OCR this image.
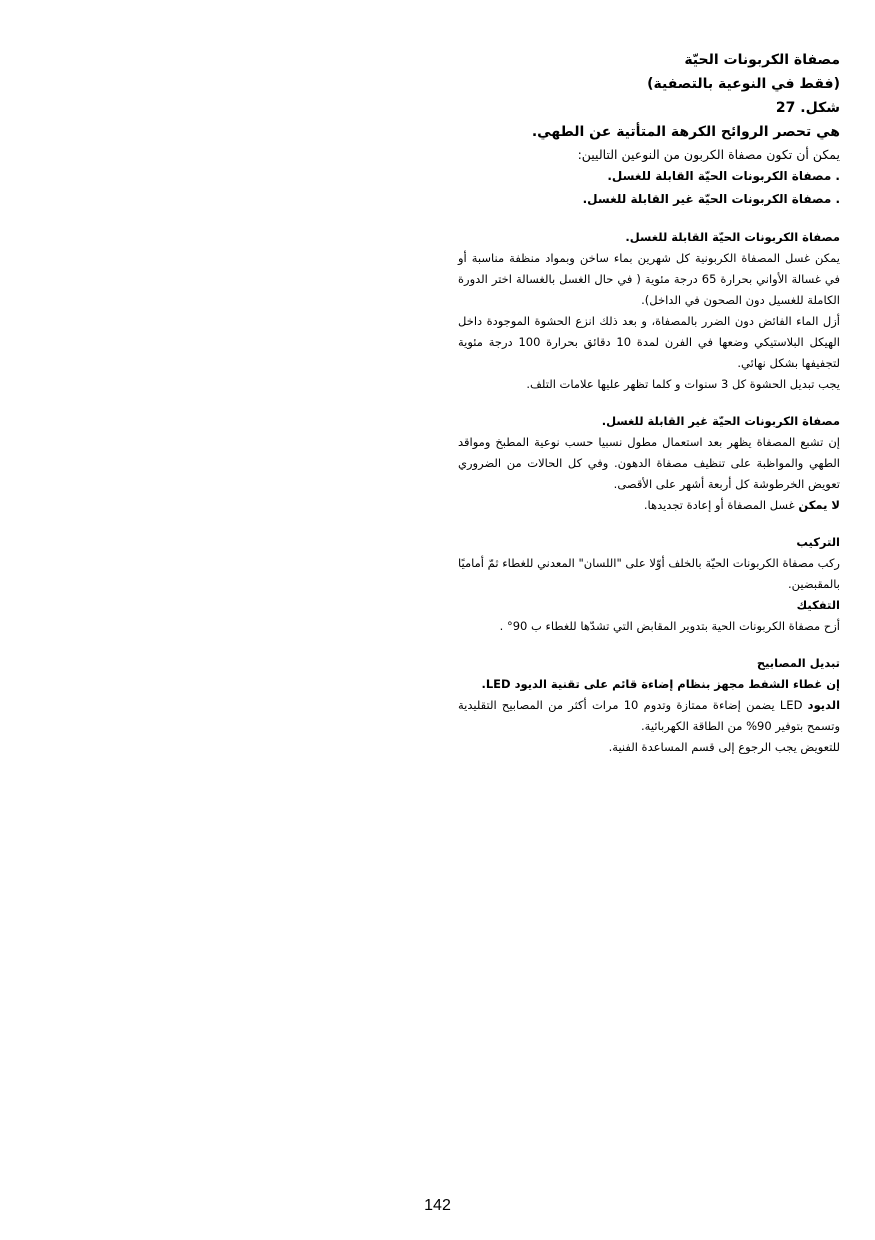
مصفاة الكربونات الحيّة
(فقط في النوعية بالتصفية)
شكل. 27
هي تحصر الروائح الكرهة المتأتية عن الطهي.
يمكن أن تكون مصفاة الكربون من النوعين التاليين:
. مصفاة الكربونات الحيّة القابلة للغسل.
. مصفاة الكربونات الحيّة غير القابلة للغسل.
مصفاة الكربونات الحيّة القابلة للغسل.
يمكن غسل المصفاة الكربونية كل شهرين بماء ساخن وبمواد منظفة مناسبة أو في غسالة الأواني بحرارة 65 درجة مئوية ( في حال الغسل بالغسالة اختر الدورة الكاملة للغسيل دون الصحون في الداخل).
أزل الماء الفائض دون الضرر بالمصفاة، و بعد ذلك انزع الحشوة الموجودة داخل الهيكل البلاستيكي وضعها في الفرن لمدة 10 دقائق بحرارة 100 درجة مئوية لتجفيفها بشكل نهائي.
يجب تبديل الحشوة كل 3 سنوات و كلما تظهر عليها علامات التلف.
مصفاة الكربونات الحيّة غير القابلة للغسل.
إن تشبع المصفاة يظهر بعد استعمال مطول نسبيا حسب نوعية المطبخ ومواقد الطهي والمواظبة على تنظيف مصفاة الدهون. وفي كل الحالات من الضروري تعويض الخرطوشة كل أربعة أشهر على الأقصى.
لا يمكن غسل المصفاة أو إعادة تجديدها.
التركيب
ركب مصفاة الكربونات الحيّة بالخلف أوّلا على "اللسان" المعدني للغطاء ثمّ أماميًا بالمقبضين.
التفكيك
أزح مصفاة الكربونات الحية بتدوير المقابض التي تشدّها للغطاء ب 90° .
تبديل المصابيح
إن غطاء الشفط مجهز بنظام إضاءة قائم على تقنية الديود LED.
الديود LED يضمن إضاءة ممتازة وتدوم 10 مرات أكثر من المصابيح التقليدية وتسمح بتوفير 90% من الطاقة الكهربائية.
للتعويض يجب الرجوع إلى قسم المساعدة الفنية.
142
